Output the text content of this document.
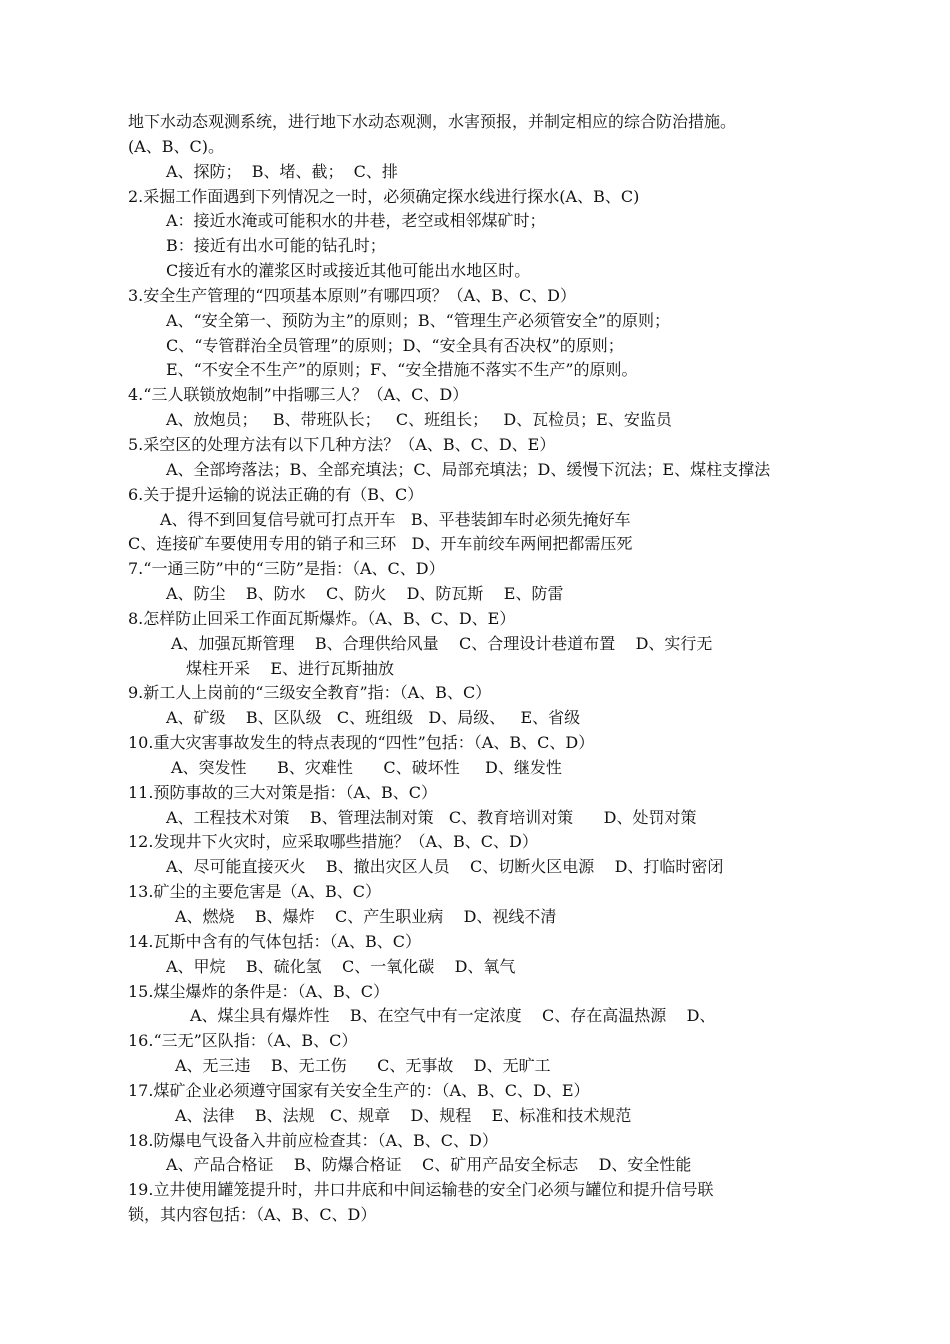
地下水动态观测系统，进行地下水动态观测，水害预报，并制定相应的综合防治措施。
(A、B、C)。
A、探防；  B、堵、截；  C、排
2.采掘工作面遇到下列情况之一时，必须确定探水线进行探水(A、B、C)
A：接近水淹或可能积水的井巷，老空或相邻煤矿时；
B：接近有出水可能的钻孔时；
C接近有水的灌浆区时或接近其他可能出水地区时。
3.安全生产管理的“四项基本原则”有哪四项？（A、B、C、D）
A、“安全第一、预防为主”的原则；B、“管理生产必须管安全”的原则；
C、“专管群治全员管理”的原则；D、“安全具有否决权”的原则；
E、“不安全不生产”的原则；F、“安全措施不落实不生产”的原则。
4.“三人联锁放炮制”中指哪三人？（A、C、D）
A、放炮员；   B、带班队长；   C、班组长；   D、瓦检员；E、安监员
5.采空区的处理方法有以下几种方法？（A、B、C、D、E）
A、全部垮落法；B、全部充填法；C、局部充填法；D、缓慢下沉法；E、煤柱支撑法
6.关于提升运输的说法正确的有（B、C）
A、得不到回复信号就可打点开车   B、平巷装卸车时必须先掩好车
C、连接矿车要使用专用的销子和三环   D、开车前绞车两闸把都需压死
7.“一通三防”中的“三防”是指：（A、C、D）
A、防尘    B、防水    C、防火    D、防瓦斯    E、防雷
8.怎样防止回采工作面瓦斯爆炸。（A、B、C、D、E）
A、加强瓦斯管理    B、合理供给风量    C、合理设计巷道布置    D、实行无
煤柱开采    E、进行瓦斯抽放
9.新工人上岗前的“三级安全教育”指：（A、B、C）
A、矿级    B、区队级   C、班组级   D、局级、   E、省级
10.重大灾害事故发生的特点表现的“四性”包括：（A、B、C、D）
A、突发性      B、灾难性      C、破坏性     D、继发性
11.预防事故的三大对策是指：（A、B、C）
A、工程技术对策    B、管理法制对策   C、教育培训对策      D、处罚对策
12.发现井下火灾时，应采取哪些措施？（A、B、C、D）
A、尽可能直接灭火    B、撤出灾区人员    C、切断火区电源    D、打临时密闭
13.矿尘的主要危害是（A、B、C）
A、燃烧    B、爆炸    C、产生职业病    D、视线不清
14.瓦斯中含有的气体包括：（A、B、C）
A、甲烷    B、硫化氢    C、一氧化碳    D、氧气
15.煤尘爆炸的条件是：（A、B、C）
A、煤尘具有爆炸性    B、在空气中有一定浓度    C、存在高温热源    D、
16.“三无”区队指：（A、B、C）
A、无三违    B、无工伤      C、无事故    D、无旷工
17.煤矿企业必须遵守国家有关安全生产的：（A、B、C、D、E）
A、法律    B、法规   C、规章    D、规程    E、标准和技术规范
18.防爆电气设备入井前应检查其：（A、B、C、D）
A、产品合格证    B、防爆合格证    C、矿用产品安全标志    D、安全性能
19.立井使用罐笼提升时，井口井底和中间运输巷的安全门必须与罐位和提升信号联
锁，其内容包括：（A、B、C、D）
